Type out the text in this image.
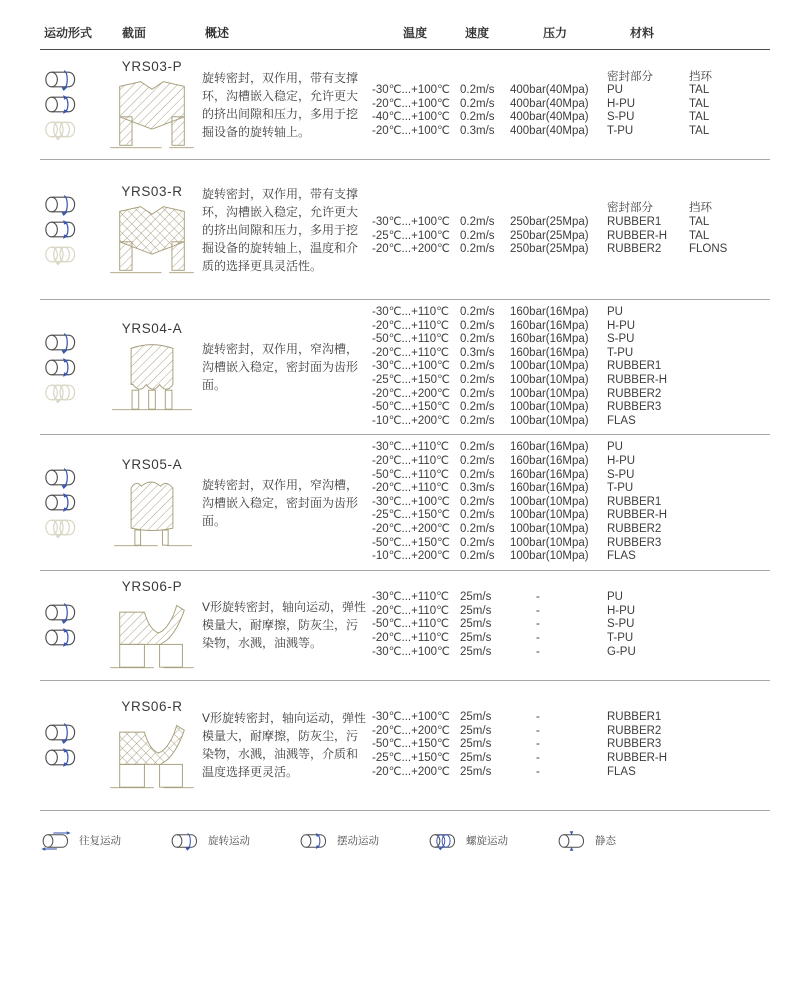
运动形式	截面	概述	温度	速度	压力	材料
YRS03-P
旋转密封，双作用，带有支撑环，沟槽嵌入稳定，允许更大的挤出间隙和压力，多用于挖掘设备的旋转轴上。
密封部分	挡环
-30℃...+100℃ 0.2m/s	400bar(40Mpa)	PU	TAL
-20℃...+100℃ 0.2m/s	400bar(40Mpa)	H-PU	TAL
-40℃...+100℃ 0.2m/s	400bar(40Mpa)	S-PU	TAL
-20℃...+100℃ 0.3m/s	400bar(40Mpa)	T-PU	TAL
YRS03-R 旋转密封，双作用，带有支撑环，沟槽嵌入稳定，允许更大的挤出间隙和压力，多用于挖掘设备的旋转轴上，温度和介质的选择更具灵活性。
密封部分	挡环
-30℃...+100℃ 0.2m/s	250bar(25Mpa)	RUBBER1	TAL
-25℃...+100℃ 0.2m/s	250bar(25Mpa)	RUBBER-H	TAL
-20℃...+200℃ 0.2m/s	250bar(25Mpa)	RUBBER2	FLONS
YRS04-A
旋转密封，双作用，窄沟槽，沟槽嵌入稳定，密封面为齿形面。
-30℃...+110℃ 0.2m/s	160bar(16Mpa)	PU
-20℃...+110℃ 0.2m/s	160bar(16Mpa)	H-PU
-50℃...+110℃ 0.2m/s	160bar(16Mpa)	S-PU
-20℃...+110℃ 0.3m/s	160bar(16Mpa)	T-PU
-30℃...+100℃ 0.2m/s	100bar(10Mpa)	RUBBER1
-25℃...+150℃ 0.2m/s	100bar(10Mpa)	RUBBER-H
-20℃...+200℃ 0.2m/s	100bar(10Mpa)	RUBBER2
-50℃...+150℃ 0.2m/s	100bar(10Mpa)	RUBBER3
-10℃...+200℃ 0.2m/s	100bar(10Mpa)	FLAS
YRS05-A
旋转密封，双作用，窄沟槽，沟槽嵌入稳定，密封面为齿形面。
-30℃...+110℃ 0.2m/s	160bar(16Mpa)	PU
-20℃...+110℃ 0.2m/s	160bar(16Mpa)	H-PU
-50℃...+110℃ 0.2m/s	160bar(16Mpa)	S-PU
-20℃...+110℃ 0.3m/s	160bar(16Mpa)	T-PU
-30℃...+100℃ 0.2m/s	100bar(10Mpa)	RUBBER1
-25℃...+150℃ 0.2m/s	100bar(10Mpa)	RUBBER-H
-20℃...+200℃ 0.2m/s	100bar(10Mpa)	RUBBER2
-50℃...+150℃ 0.2m/s	100bar(10Mpa)	RUBBER3
-10℃...+200℃ 0.2m/s	100bar(10Mpa)	FLAS
YRS06-P
V形旋转密封，轴向运动，弹性模量大，耐摩擦，防灰尘，污染物，水溅，油溅等。
-30℃...+110℃ 25m/s	-	PU
-20℃...+110℃ 25m/s	-	H-PU
-50℃...+110℃ 25m/s	-	S-PU
-20℃...+110℃ 25m/s	-	T-PU
-30℃...+100℃ 25m/s	-	G-PU
YRS06-R
V形旋转密封，轴向运动，弹性模量大，耐摩擦，防灰尘，污染物，水溅，油溅等，介质和温度选择更灵活。
-30℃...+100℃ 25m/s	-	RUBBER1
-20℃...+200℃ 25m/s	-	RUBBER2
-50℃...+150℃ 25m/s	-	RUBBER3
-25℃...+150℃ 25m/s	-	RUBBER-H
-20℃...+200℃ 25m/s	-	FLAS
往复运动	旋转运动	摆动运动	螺旋运动	静态
